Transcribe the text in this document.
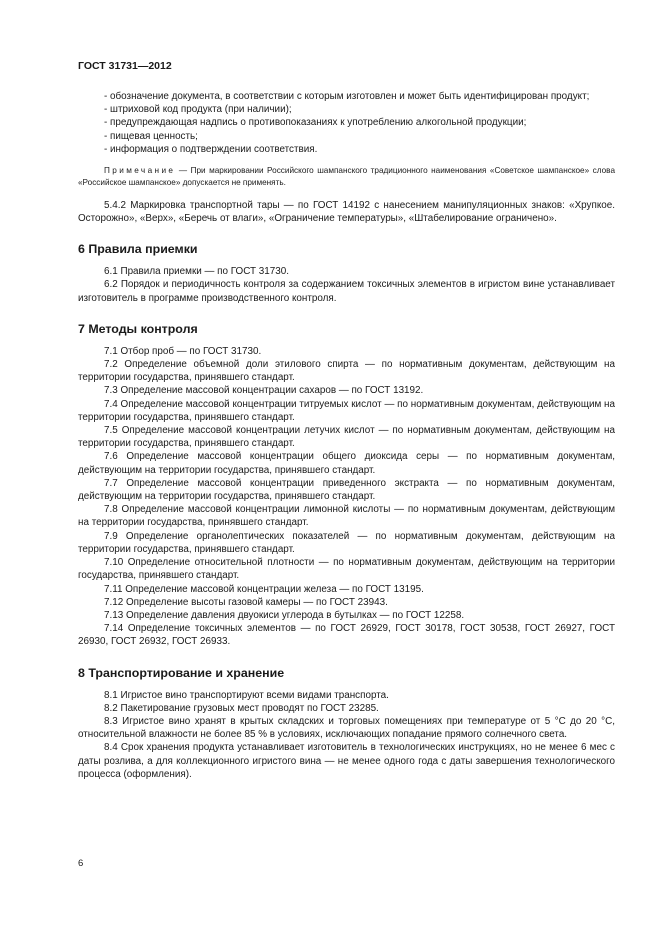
ГОСТ 31731—2012

- обозначение документа, в соответствии с которым изготовлен и может быть идентифицирован продукт;

- штриховой код продукта (при наличии);

- предупреждающая надпись о противопоказаниях к употреблению алкогольной продукции;

- пищевая ценность;

- информация о подтверждении соответствия.

Примечание — При маркировании Российского шампанского традиционного наименования «Советское шампанское» слова «Российское шампанское» допускается не применять.

5.4.2 Маркировка транспортной тары — по ГОСТ 14192 с нанесением манипуляционных знаков: «Хрупкое. Осторожно», «Верх», «Беречь от влаги», «Ограничение температуры», «Штабелирование ограничено».

6 Правила приемки

6.1 Правила приемки — по ГОСТ 31730.

6.2 Порядок и периодичность контроля за содержанием токсичных элементов в игристом вине устанавливает изготовитель в программе производственного контроля.

7 Методы контроля

7.1 Отбор проб — по ГОСТ 31730.

7.2 Определение объемной доли этилового спирта — по нормативным документам, действующим на территории государства, принявшего стандарт.

7.3 Определение массовой концентрации сахаров — по ГОСТ 13192.

7.4 Определение массовой концентрации титруемых кислот — по нормативным документам, действующим на территории государства, принявшего стандарт.

7.5 Определение массовой концентрации летучих кислот — по нормативным документам, действующим на территории государства, принявшего стандарт.

7.6 Определение массовой концентрации общего диоксида серы — по нормативным документам, действующим на территории государства, принявшего стандарт.

7.7 Определение массовой концентрации приведенного экстракта — по нормативным документам, действующим на территории государства, принявшего стандарт.

7.8 Определение массовой концентрации лимонной кислоты — по нормативным документам, действующим на территории государства, принявшего стандарт.

7.9 Определение органолептических показателей — по нормативным документам, действующим на территории государства, принявшего стандарт.

7.10 Определение относительной плотности — по нормативным документам, действующим на территории государства, принявшего стандарт.

7.11 Определение массовой концентрации железа — по ГОСТ 13195.

7.12 Определение высоты газовой камеры — по ГОСТ 23943.

7.13 Определение давления двуокиси углерода в бутылках — по ГОСТ 12258.

7.14 Определение токсичных элементов — по ГОСТ 26929, ГОСТ 30178, ГОСТ 30538, ГОСТ 26927, ГОСТ 26930, ГОСТ 26932, ГОСТ 26933.

8 Транспортирование и хранение

8.1 Игристое вино транспортируют всеми видами транспорта.

8.2 Пакетирование грузовых мест проводят по ГОСТ 23285.

8.3 Игристое вино хранят в крытых складских и торговых помещениях при температуре от 5 °С до 20 °С, относительной влажности не более 85 % в условиях, исключающих попадание прямого солнечного света.

8.4 Срок хранения продукта устанавливает изготовитель в технологических инструкциях, но не менее 6 мес с даты розлива, а для коллекционного игристого вина — не менее одного года с даты завершения технологического процесса (оформления).

6
